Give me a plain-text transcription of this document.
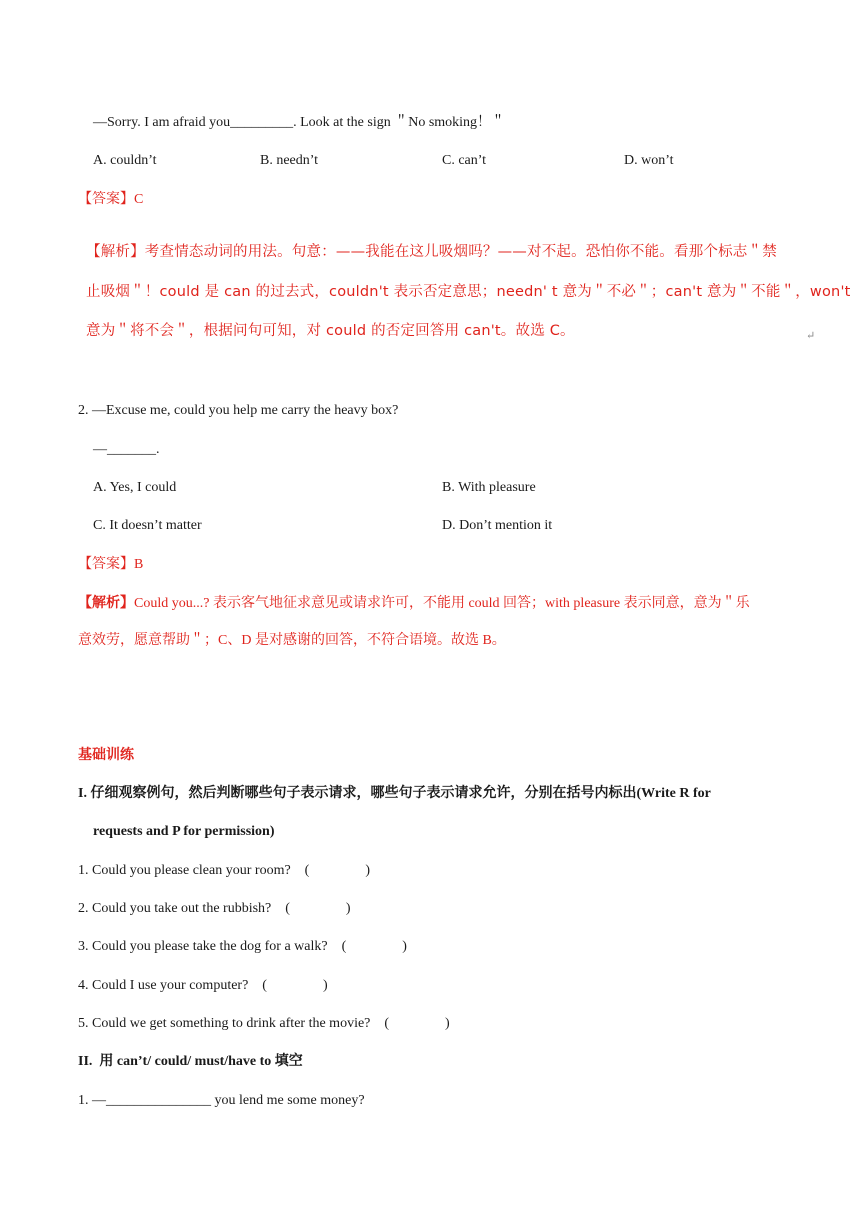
—Sorry. I am afraid you_________. Look at the sign ＂No smoking！＂
A. couldn’t	B. needn’t	C. can’t	D. won’t
【答案】C
【解析】考查情态动词的用法。句意：——我能在这儿吸烟吗？——对不起。恐怕你不能。看那个标志＂禁
止吸烟＂！could 是 can 的过去式，couldn't 表示否定意思；needn' t 意为＂不必＂；can't 意为＂不能＂，won't
意为＂将不会＂，根据问句可知，对 could 的否定回答用 can't。故选 C。	↵
2. —Excuse me, could you help me carry the heavy box?
—_______.
A. Yes, I could	B. With pleasure
C. It doesn’t matter	D. Don’t mention it
【答案】B
【解析】Could you...? 表示客气地征求意见或请求许可，不能用 could 回答；with pleasure 表示同意，意为＂乐
意效劳，愿意帮助＂；C、D 是对感谢的回答，不符合语境。故选 B。
基础训练
I. 仔细观察例句，然后判断哪些句子表示请求，哪些句子表示请求允许，分别在括号内标出(Write R for
requests and P for permission)
1. Could you please clean your room?    (                )
2. Could you take out the rubbish?    (                )
3. Could you please take the dog for a walk?    (                )
4. Could I use your computer?    (                )
5. Could we get something to drink after the movie?    (                )
II.  用 can’t/ could/ must/have to 填空
1. —_______________ you lend me some money?
